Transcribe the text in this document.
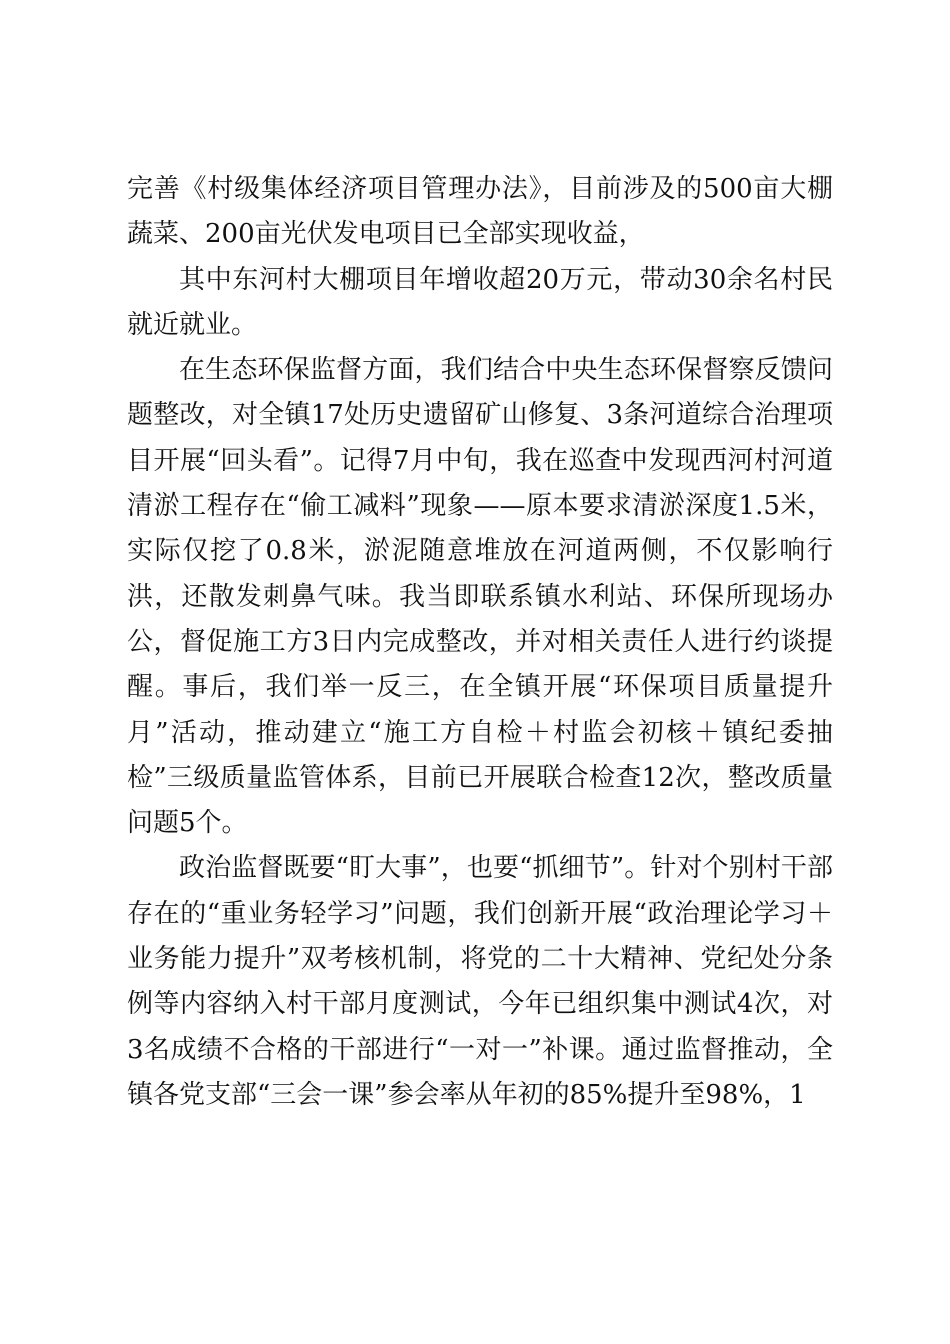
完善《村级集体经济项目管理办法》，目前涉及的500亩大棚蔬菜、200亩光伏发电项目已全部实现收益，

其中东河村大棚项目年增收超20万元，带动30余名村民就近就业。

在生态环保监督方面，我们结合中央生态环保督察反馈问题整改，对全镇17处历史遗留矿山修复、3条河道综合治理项目开展“回头看”。记得7月中旬，我在巡查中发现西河村河道清淤工程存在“偷工减料”现象——原本要求清淤深度1.5米，实际仅挖了0.8米，淤泥随意堆放在河道两侧，不仅影响行洪，还散发刺鼻气味。我当即联系镇水利站、环保所现场办公，督促施工方3日内完成整改，并对相关责任人进行约谈提醒。事后，我们举一反三，在全镇开展“环保项目质量提升月”活动，推动建立“施工方自检＋村监会初核＋镇纪委抽检”三级质量监管体系，目前已开展联合检查12次，整改质量问题5个。

政治监督既要“盯大事”，也要“抓细节”。针对个别村干部存在的“重业务轻学习”问题，我们创新开展“政治理论学习＋业务能力提升”双考核机制，将党的二十大精神、党纪处分条例等内容纳入村干部月度测试，今年已组织集中测试4次，对3名成绩不合格的干部进行“一对一”补课。通过监督推动，全镇各党支部“三会一课”参会率从年初的85%提升至98%，1
